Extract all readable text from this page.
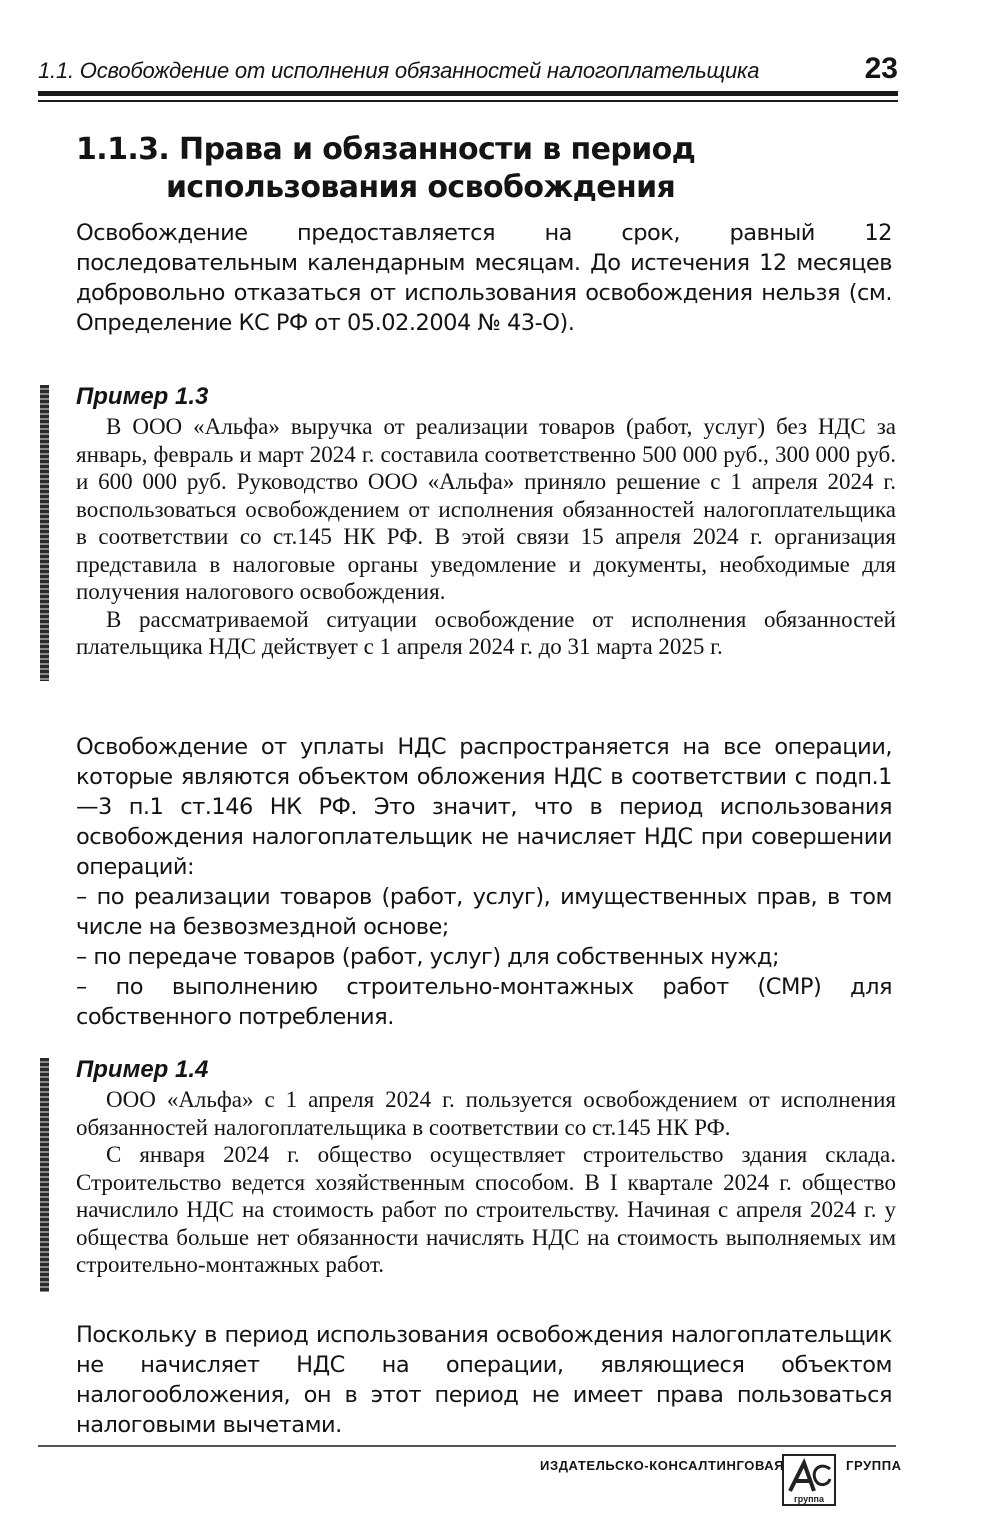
1.1. Освобождение от исполнения обязанностей налогоплательщика	23
1.1.3. Права и обязанности в период
использования освобождения

Освобождение предоставляется на срок, равный 12 последовательным календарным месяцам. До истечения 12 месяцев добровольно отказаться от использования освобождения нельзя (см. Определение КС РФ от 05.02.2004 № 43-О).

Пример 1.3

В ООО «Альфа» выручка от реализации товаров (работ, услуг) без НДС за январь, февраль и март 2024 г. составила соответственно 500 000 руб., 300 000 руб. и 600 000 руб. Руководство ООО «Альфа» приняло решение с 1 апреля 2024 г. воспользоваться освобождением от исполнения обязанностей налогоплательщика в соответствии со ст.145 НК РФ. В этой связи 15 апреля 2024 г. организация представила в налоговые органы уведомление и документы, необходимые для получения налогового освобождения.

В рассматриваемой ситуации освобождение от исполнения обязанностей плательщика НДС действует с 1 апреля 2024 г. до 31 марта 2025 г.

Освобождение от уплаты НДС распространяется на все операции, которые являются объектом обложения НДС в соответствии с подп.1—3 п.1 ст.146 НК РФ. Это значит, что в период использования освобождения налогоплательщик не начисляет НДС при совершении операций:
– по реализации товаров (работ, услуг), имущественных прав, в том числе на безвозмездной основе;
– по передаче товаров (работ, услуг) для собственных нужд;
– по выполнению строительно-монтажных работ (СМР) для собственного потребления.
Пример 1.4

ООО «Альфа» с 1 апреля 2024 г. пользуется освобождением от исполнения обязанностей налогоплательщика в соответствии со ст.145 НК РФ.

С января 2024 г. общество осуществляет строительство здания склада. Строительство ведется хозяйственным способом. В I квартале 2024 г. общество начислило НДС на стоимость работ по строительству. Начиная с апреля 2024 г. у общества больше нет обязанности начислять НДС на стоимость выполняемых им строительно-монтажных работ.

Поскольку в период использования освобождения налогоплательщик не начисляет НДС на операции, являющиеся объектом налогообложения, он в этот период не имеет права пользоваться налоговыми вычетами.

ИЗДАТЕЛЬСКО-КОНСАЛТИНГОВАЯ	ГРУППА
группа
